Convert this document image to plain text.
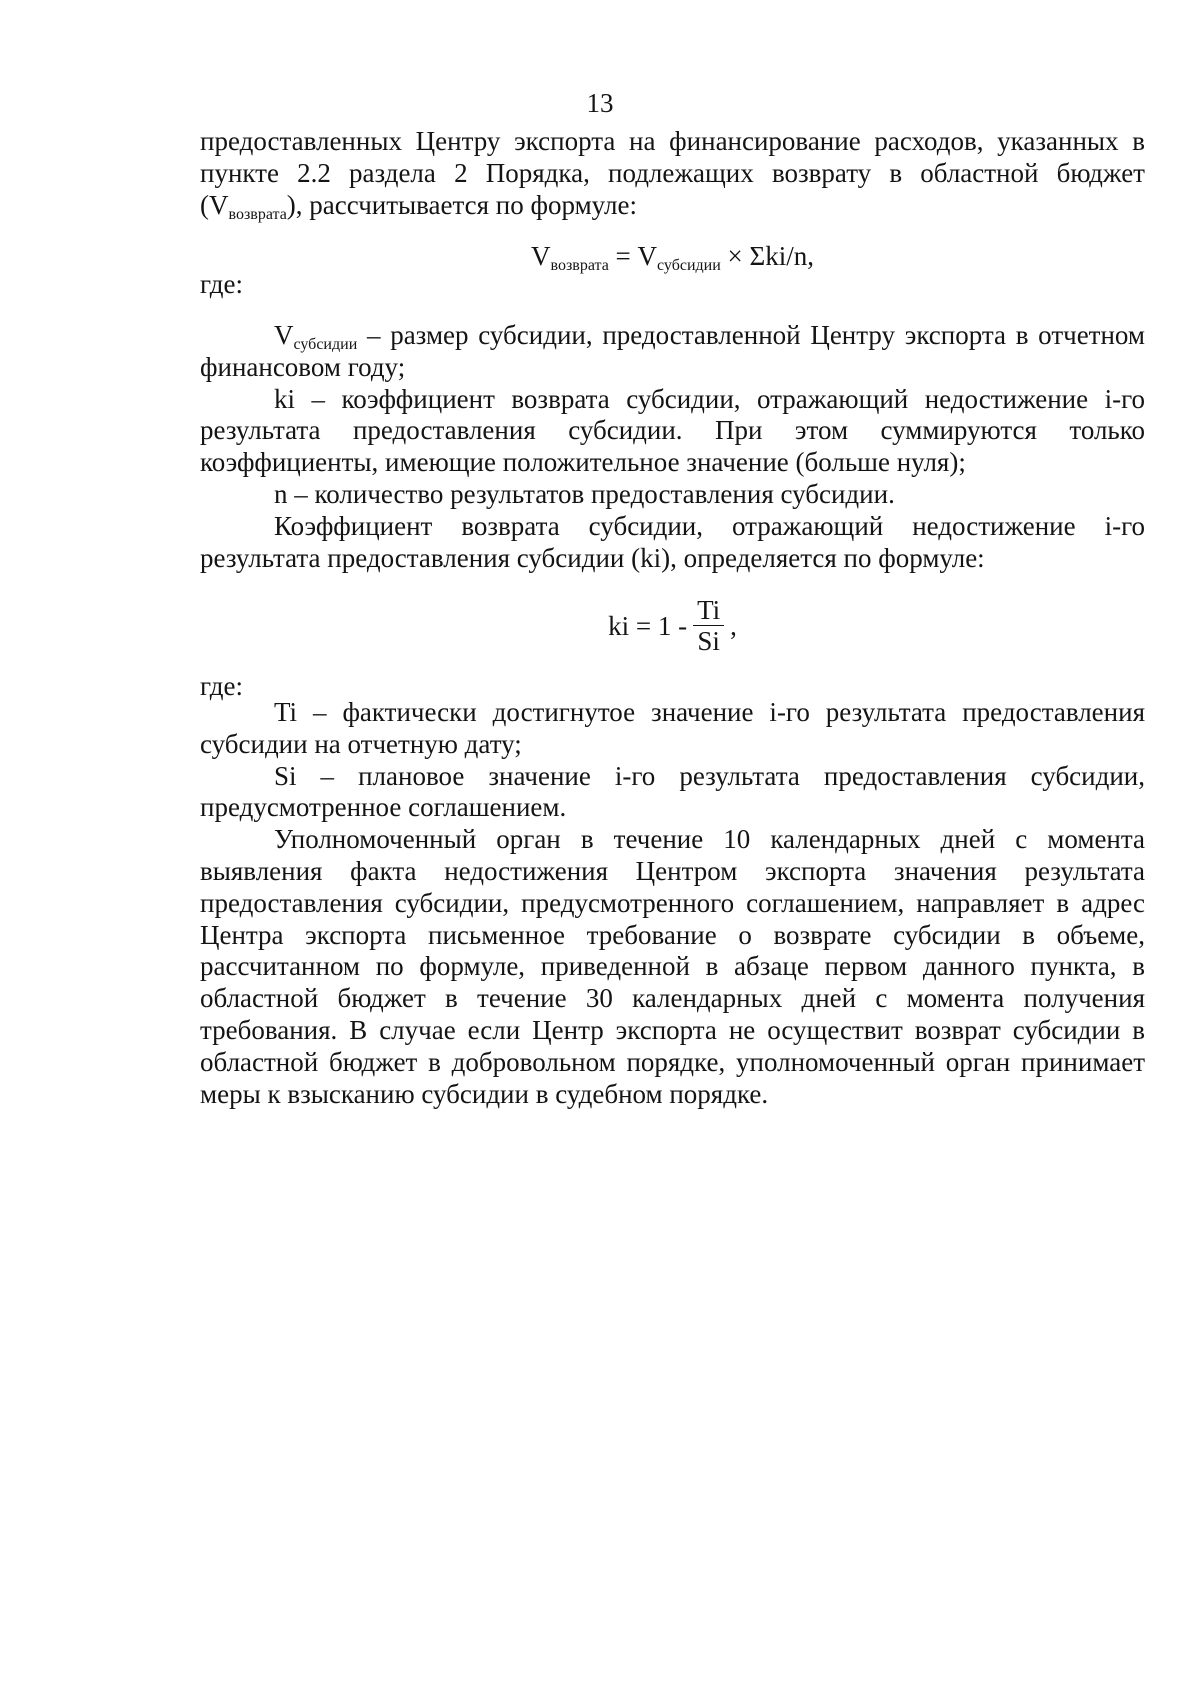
13

предоставленных Центру экспорта на финансирование расходов, указанных в пункте 2.2 раздела 2 Порядка, подлежащих возврату в областной бюджет $(V_{возврата})$, рассчитывается по формуле:

$V_{возврата} = V_{субсидии} \times \Sigma ki/n$,
где:

$V_{субсидии}$ – размер субсидии, предоставленной Центру экспорта в отчетном финансовом году;

ki – коэффициент возврата субсидии, отражающий недостижение i-го результата предоставления субсидии. При этом суммируются только коэффициенты, имеющие положительное значение (больше нуля);

n – количество результатов предоставления субсидии.

Коэффициент возврата субсидии, отражающий недостижение i-го результата предоставления субсидии (ki), определяется по формуле:

ki = $1 - \frac{Ti}{Si}$ ,
где:

Ti – фактически достигнутое значение i-го результата предоставления субсидии на отчетную дату;

Si – плановое значение i-го результата предоставления субсидии, предусмотренное соглашением.

Уполномоченный орган в течение 10 календарных дней с момента выявления факта недостижения Центром экспорта значения результата предоставления субсидии, предусмотренного соглашением, направляет в адрес Центра экспорта письменное требование о возврате субсидии в объеме, рассчитанном по формуле, приведенной в абзаце первом данного пункта, в областной бюджет в течение 30 календарных дней с момента получения требования. В случае если Центр экспорта не осуществит возврат субсидии в областной бюджет в добровольном порядке, уполномоченный орган принимает меры к взысканию субсидии в судебном порядке.
